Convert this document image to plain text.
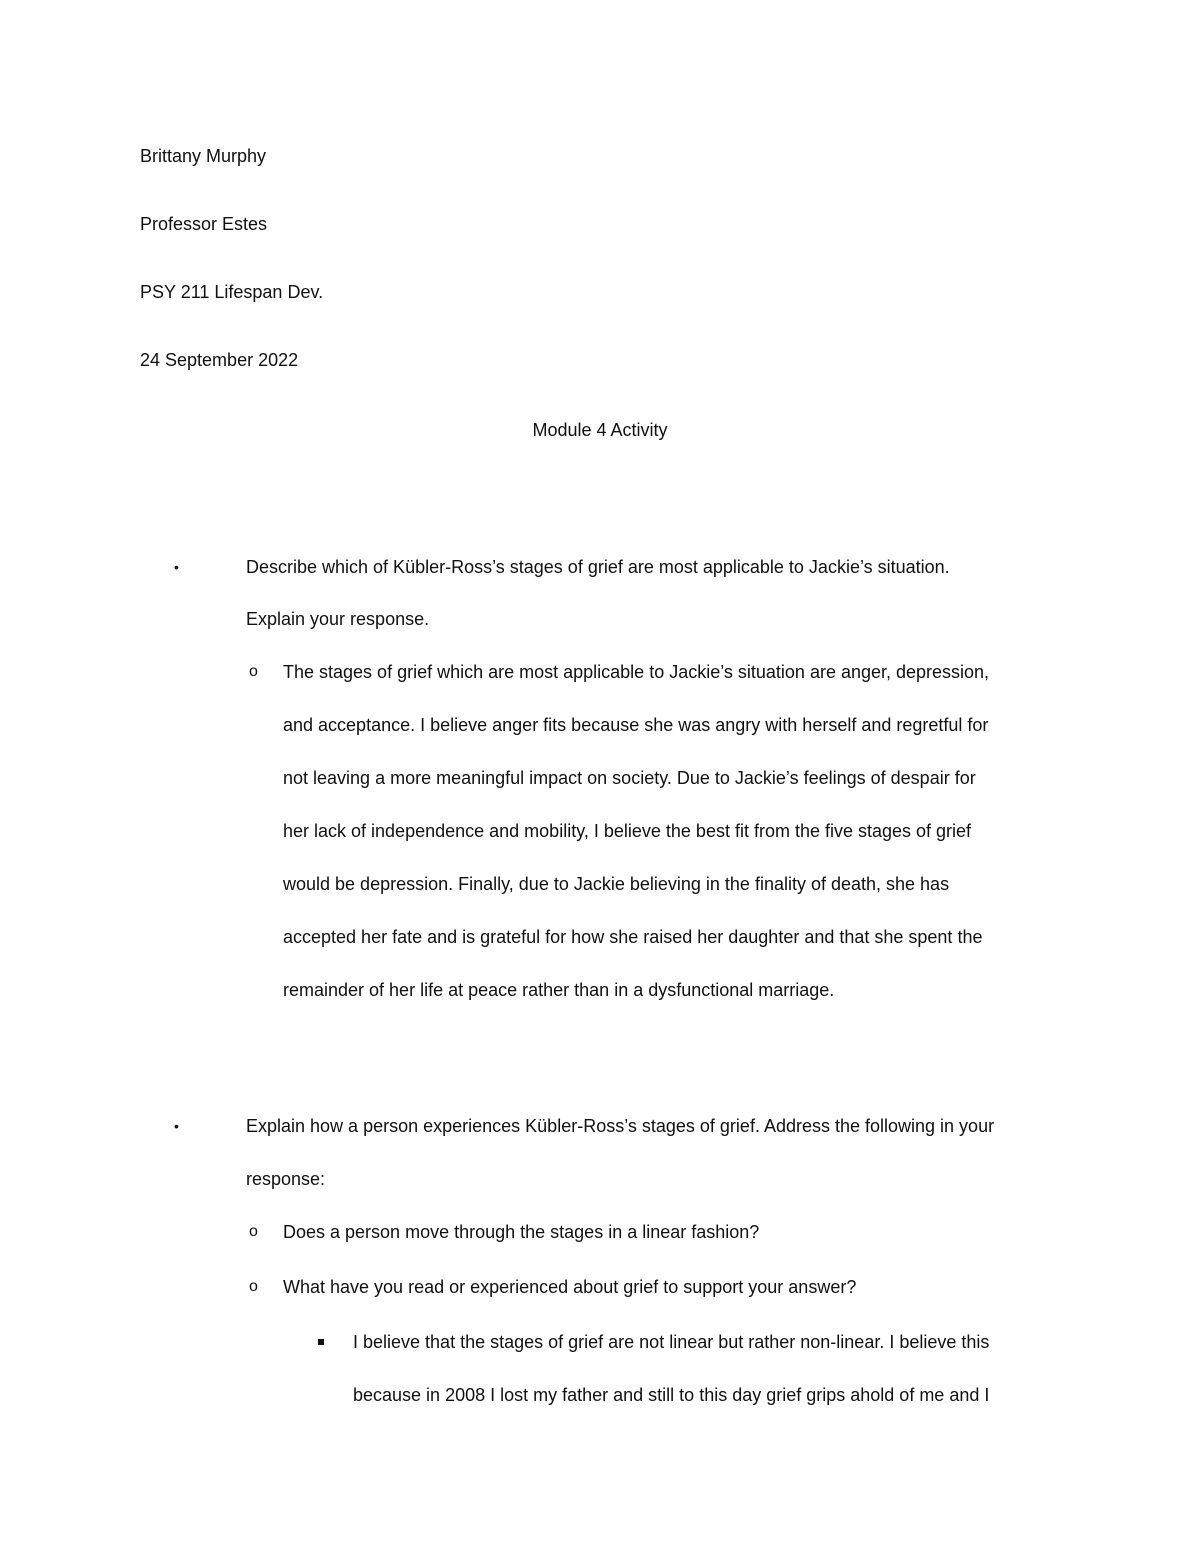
Brittany Murphy
Professor Estes
PSY 211 Lifespan Dev.
24 September 2022
Module 4 Activity
•	Describe which of Kübler-Ross’s stages of grief are most applicable to Jackie’s situation.
Explain your response.
o The stages of grief which are most applicable to Jackie’s situation are anger, depression,
and acceptance. I believe anger fits because she was angry with herself and regretful for
not leaving a more meaningful impact on society. Due to Jackie’s feelings of despair for
her lack of independence and mobility, I believe the best fit from the five stages of grief
would be depression. Finally, due to Jackie believing in the finality of death, she has
accepted her fate and is grateful for how she raised her daughter and that she spent the
remainder of her life at peace rather than in a dysfunctional marriage.
•	Explain how a person experiences Kübler-Ross’s stages of grief. Address the following in your
response:
o Does a person move through the stages in a linear fashion?
o What have you read or experienced about grief to support your answer?
I believe that the stages of grief are not linear but rather non-linear. I believe this
because in 2008 I lost my father and still to this day grief grips ahold of me and I
